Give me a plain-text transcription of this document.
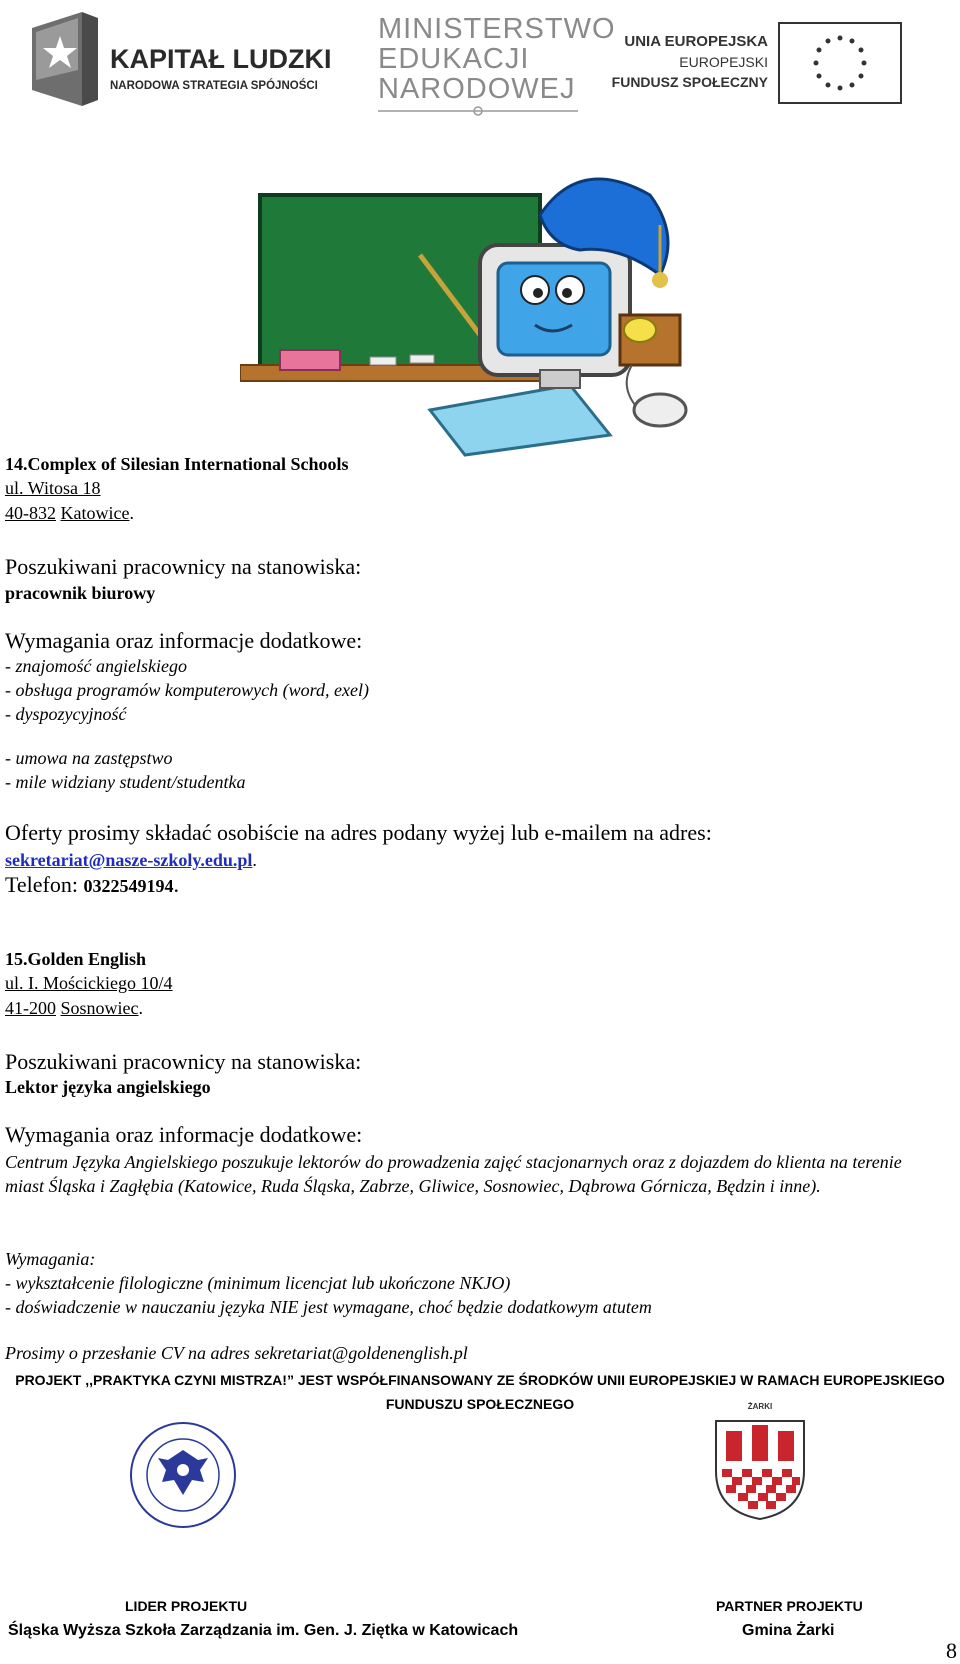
KAPITAŁ LUDZKI
NARODOWA STRATEGIA SPÓJNOŚCI
MINISTERSTWO
EDUKACJI
NARODOWEJ
UNIA EUROPEJSKA
EUROPEJSKI
FUNDUSZ SPOŁECZNY
14.Complex of Silesian International Schools
ul. Witosa 18
40-832 Katowice.
Poszukiwani pracownicy na stanowiska:
pracownik biurowy
Wymagania oraz informacje dodatkowe:
- znajomość angielskiego
- obsługa programów komputerowych (word, exel)
- dyspozycyjność
- umowa na zastępstwo
- mile widziany student/studentka
Oferty prosimy składać osobiście na adres podany wyżej lub e-mailem na adres:
sekretariat@nasze-szkoly.edu.pl.
Telefon: 0322549194.
15.Golden English
ul. I. Mościckiego 10/4
41-200 Sosnowiec.
Poszukiwani pracownicy na stanowiska:
Lektor języka angielskiego
Wymagania oraz informacje dodatkowe:
Centrum Języka Angielskiego poszukuje lektorów do prowadzenia zajęć stacjonarnych oraz z dojazdem do klienta na terenie miast Śląska i Zagłębia (Katowice, Ruda Śląska, Zabrze, Gliwice, Sosnowiec, Dąbrowa Górnicza, Będzin i inne).
Wymagania:
- wykształcenie filologiczne (minimum licencjat lub ukończone NKJO)
- doświadczenie w nauczaniu języka NIE jest wymagane, choć będzie dodatkowym atutem
Prosimy o przesłanie CV na adres sekretariat@goldenenglish.pl
PROJEKT ,,PRAKTYKA CZYNI MISTRZA!” JEST WSPÓŁFINANSOWANY ZE ŚRODKÓW UNII EUROPEJSKIEJ W RAMACH EUROPEJSKIEGO
FUNDUSZU SPOŁECZNEGO	ŻARKI
LIDER PROJEKTU
Śląska Wyższa Szkoła Zarządzania im. Gen. J. Ziętka w Katowicach
PARTNER PROJEKTU
Gmina Żarki
8
